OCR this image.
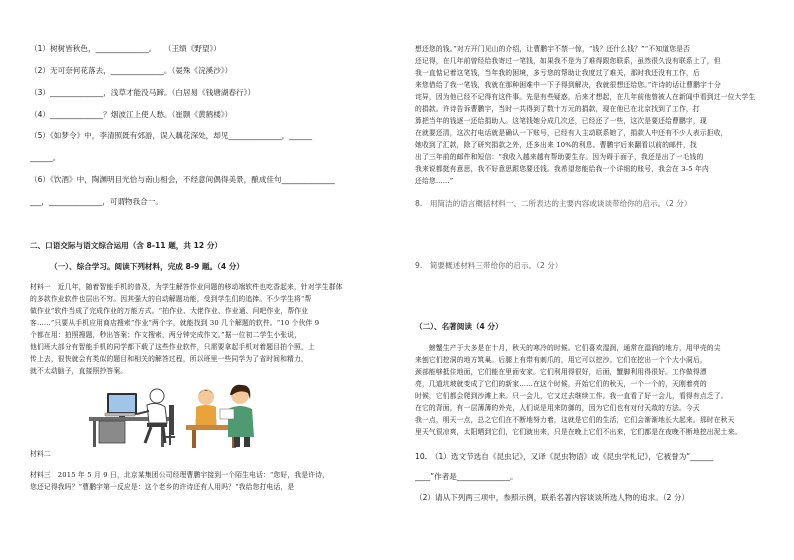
（1）树树皆秋色，______________。　　（王绩《野望》）
（2）无可奈何花落去，______________。（晏殊《浣溪沙》）
（3）______________，浅草才能没马蹄。（白居易《钱塘湖春行》）
（4）______________？烟波江上使人愁。（崔颢《黄鹤楼》）
（5）《如梦令》中，李清照既有郊游，误入藕花深处，却见______________，______
______。
（6）《饮酒》中，陶渊明目光恰与南山相会，不经意间偶得美景，酿成佳句______________
___，______________，可谓物我合一。
二、口语交际与语文综合运用（含 8-11 题，共 12 分）
（一）、综合学习。阅读下列材料，完成 8-9 题。（4 分）
材料一　近几年，随着智能手机的普及，为学生解答作业问题的移动端软件也吃香起来，针对学生群体
的多款作业软件也层出不穷。因其强大的自动解题功能，受到学生们的追捧。不少学生将“帮
做作业”软件当成了完成作业的万能方式。“拍作业、大佬作业、作业通、问吧作业，帮作业
客……”只要从手机应用商店搜索“作业”两个字，就能找到 30 几个解题的软件。“10 个伙伴 9
个都在用：拍照搜题，秒出答案；作文搜索，两分钟完成作文。”据一位初二学生小张说，
他们班大部分有智能手机的同学都下载了这些作业软件，只需要拿起手机对着题目拍个照，上
传上去，很快就会有类似的题目和相关的解答过程，所以班里一些同学为了省时间和精力，
就不太动脑子，直接照抄答案。
材料二
材料三　2015 年 5 月 9 日，北京某集团公司经理曹鹏宇接到一个陌生电话：“您好，我是许诗，
您还记得我吗？”曹鹏宇第一反应是：这个老乡的许诗还有人用吗？“我给您打电话，是
想还您的钱。”对方开门见山的介绍，让曹鹏宇不禁一惊，“钱？还什么钱？”“不知道您是否
还记得，在几年前曾经给我寄过一笔钱，如果我不是为了难得跟您联系，虽然很久没有联系上了，但
我一直惦记着这笔钱，当年我的困境，多亏您的帮助让我度过了难关，那时我还没有工作，后
来您借给了我一笔钱，我就在那种困难中一下子得到解决，我就很想还给您。”许诗的话让曹鹏宇十分
诧异，因为他已经不记得有这件事。先是有些疑惑，后来才想起，在几年前他曾被人在新闻中看到过一位大学生
的捐款。许诗告诉曹鹏宇，当时一共得到了数十万元的捐款，现在他已在北京找到了工作，打
算把当年的钱逐一还给捐助人。这笔钱她分成几次还，已经还了一些，这次是要还给曹鹏宇，现
在就要还清，这次打电话就是确认一下账号，已经有人主动联系她了，捐款人中还有不少人表示拒收，
她收到了汇款，除了研究捐款之外，还多出来 10%的利息。曹鹏宇后来翻看以前的邮件，找
出了三年前的邮件和短信：“我收入越来越有帮助要生存。因为碍于面子，我还是出了一毛钱的
我来说都挺有意思，我不好意思跟您要还钱。我希望您能给我一个详细的账号，我会在 3-5 年内
还给您……”
8.　用简洁的语言概括材料一、二所表达的主要内容或谈谈带给你的启示。（2 分）
9.　简要概述材料三带给你的启示。（2 分）
（二）、名著阅读（4 分）
　　螃蟹生产于大多是在十月，秋天的寒冷的时候。它们喜欢湿润，通常在湿润的地方，用甲壳的尖
来刨它们挖洞的地方筑巢。后腿上有带有刺爪的，用它可以挖沙。它们在挖出一个个大小洞后，
颈部能够抵住地面，它们能在里面安家。它们利用得很好，后面，蟹脚利用得很好。工作做得漂
亮，几道坑坡就变成了它们的新家……在这个时候，开始它们的秋天，一个一个的，天刚着亮的
时候，它们都会爬到沙滩上来。只一会儿，它又过去继续工作。我一直看了好一会儿，看得有点乏了。
在它的背面，有一层薄薄的外壳，人们说是用来防御的，因为它们也有对付天敌的方法。今天
我一点，明天一点，总之它们在不断地努力着，这就是它们的生活，它们会渐渐地长大起来。那时在秋天
里天气很凉爽，太阳晒到它们，它们就出来，只是在晚上它们不出来，它们都是在夜晚不断地挖出泥土来。
10.　（1）选文节选自《昆虫记》，又译《昆虫物语》或《昆虫学札记》，它被誉为“______
____”作者是______________。
（2）请从下列两三项中，参照示例，联系名著内容谈谈所选人物的追求。（2 分）
